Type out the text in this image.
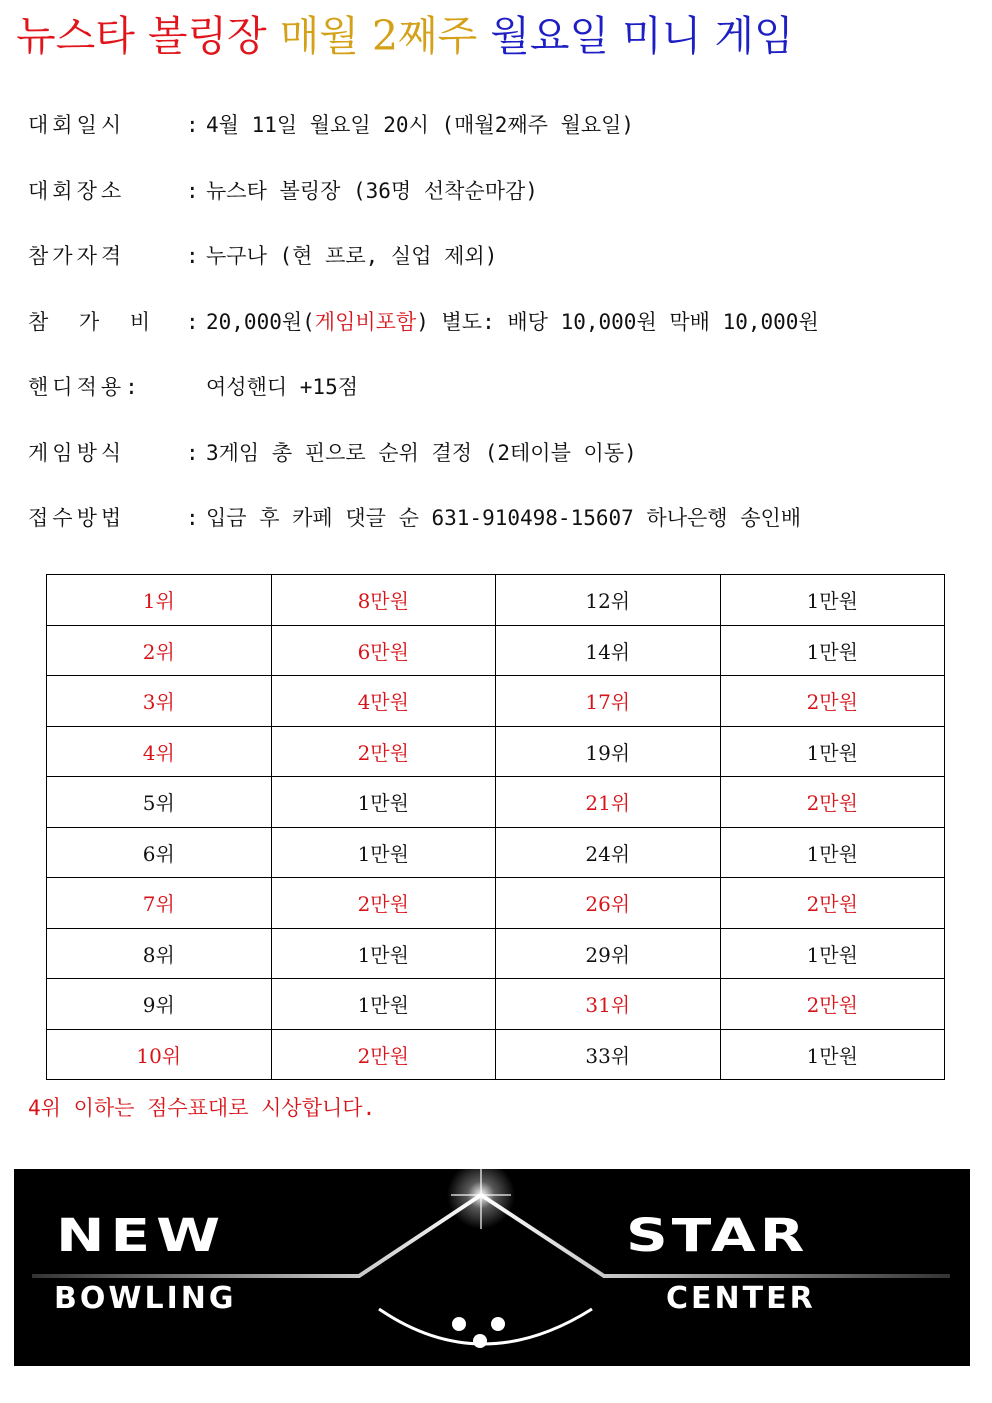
뉴스타 볼링장 매월 2째주 월요일 미니 게임
대회일시	: 4월 11일 월요일 20시 (매월2째주 월요일)
대회장소	: 뉴스타 볼링장 (36명 선착순마감)
참가자격	: 누구나 (현 프로, 실업 제외)
참 가 비 : 20,000원(게임비포함) 별도: 배당 10,000원 막배 10,000원
핸디적용:	여성핸디 +15점
게임방식	: 3게임 총 핀으로 순위 결정 (2테이블 이동)
접수방법	: 입금 후 카페 댓글 순 631-910498-15607 하나은행 송인배
1위	8만원	12위	1만원
2위	6만원	14위	1만원
3위	4만원	17위	2만원
4위	2만원	19위	1만원
5위	1만원	21위	2만원
6위	1만원	24위	1만원
7위	2만원	26위	2만원
8위	1만원	29위	1만원
9위	1만원	31위	2만원
10위	2만원	33위	1만원
4위 이하는 점수표대로 시상합니다.
NEW	STAR
BOWLING	CENTER
